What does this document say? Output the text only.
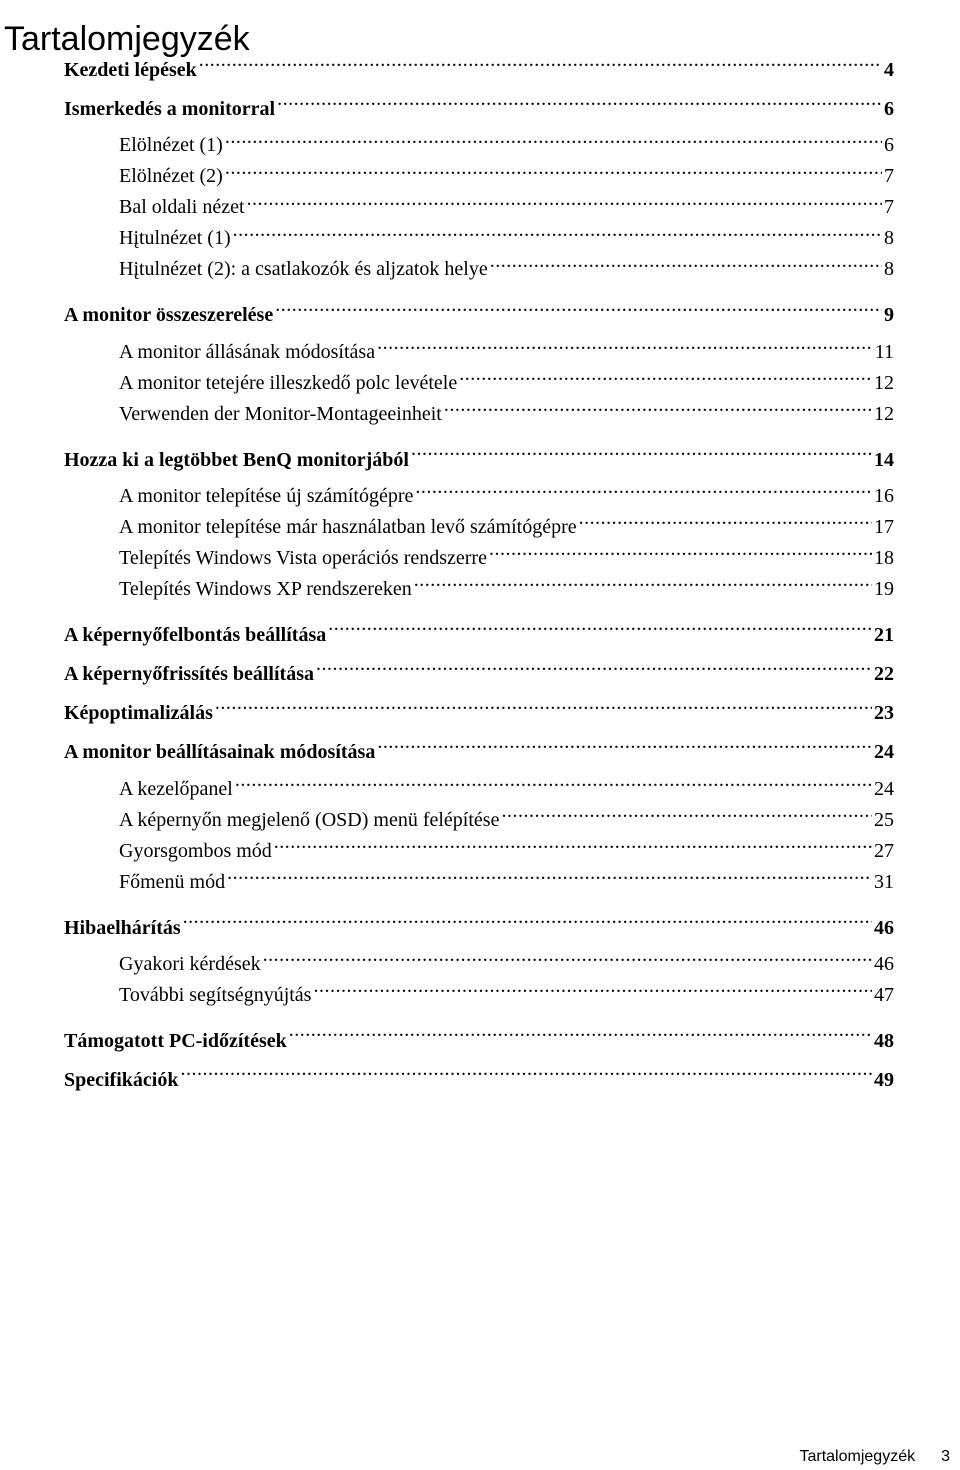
Tartalomjegyzék
Kezdeti lépések .....	4
Ismerkedés a monitorral .....	6
Elölnézet (1) .....	6
Elölnézet (2) .....	7
Bal oldali nézet .....	7
Hįtulnézet (1) .....	8
Hįtulnézet (2): a csatlakozók és aljzatok helye .....	8
A monitor összeszerelése .....	9
A monitor állásának módosítása .....	11
A monitor tetejére illeszkedő polc levétele .....	12
Verwenden der Monitor-Montageeinheit .....	12
Hozza ki a legtöbbet BenQ monitorjából .....	14
A monitor telepítése új számítógépre .....	16
A monitor telepítése már használatban levő számítógépre .....	17
Telepítés Windows Vista operációs rendszerre .....	18
Telepítés Windows XP rendszereken .....	19
A képernyőfelbontás beállítása .....	21
A képernyőfrissítés beállítása .....	22
Képoptimalizálás .....	23
A monitor beállításainak módosítása .....	24
A kezelőpanel .....	24
A képernyőn megjelenő (OSD) menü felépítése .....	25
Gyorsgombos mód .....	27
Főmenü mód .....	31
Hibaelhárítás .....	46
Gyakori kérdések .....	46
További segítségnyújtás .....	47
Támogatott PC-időzítések .....	48
Specifikációk .....	49
Tartalomjegyzék 3
